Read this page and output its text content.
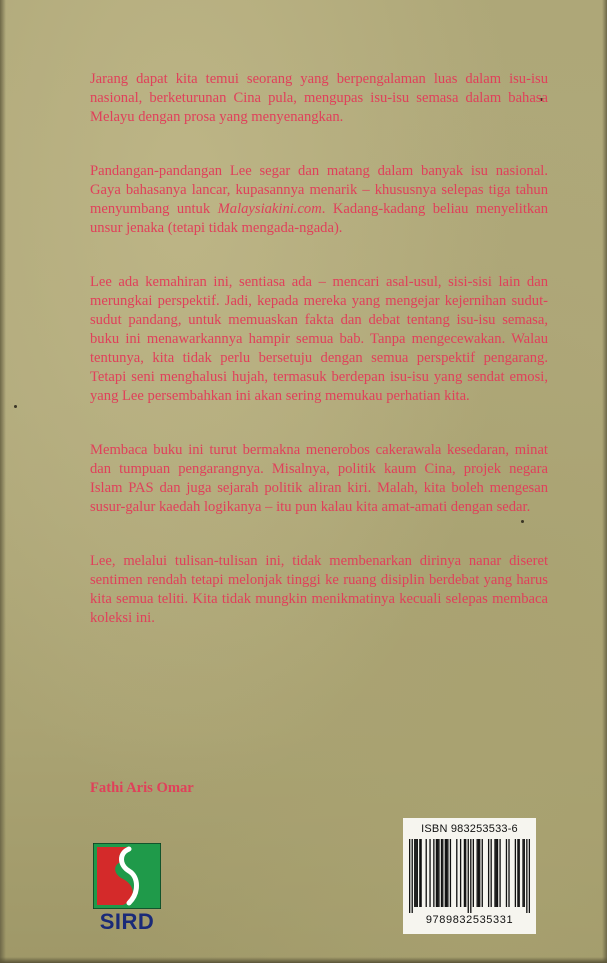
Jarang dapat kita temui seorang yang berpengalaman luas dalam isu-isu nasional, berketurunan Cina pula, mengupas isu-isu semasa dalam bahasa Melayu dengan prosa yang menyenangkan.

Pandangan-pandangan Lee segar dan matang dalam banyak isu nasional. Gaya bahasanya lancar, kupasannya menarik – khususnya selepas tiga tahun menyumbang untuk Malaysiakini.com. Kadang-kadang beliau menyelitkan unsur jenaka (tetapi tidak mengada-ngada).

Lee ada kemahiran ini, sentiasa ada – mencari asal-usul, sisi-sisi lain dan merungkai perspektif. Jadi, kepada mereka yang mengejar kejernihan sudut-sudut pandang, untuk memuaskan fakta dan debat tentang isu-isu semasa, buku ini menawarkannya hampir semua bab. Tanpa mengecewakan. Walau tentunya, kita tidak perlu bersetuju dengan semua perspektif pengarang. Tetapi seni menghalusi hujah, termasuk berdepan isu-isu yang sendat emosi, yang Lee persembahkan ini akan sering memukau perhatian kita.

Membaca buku ini turut bermakna menerobos cakerawala kesedaran, minat dan tumpuan pengarangnya. Misalnya, politik kaum Cina, projek negara Islam PAS dan juga sejarah politik aliran kiri. Malah, kita boleh mengesan susur-galur kaedah logikanya – itu pun kalau kita amat-amati dengan sedar.

Lee, melalui tulisan-tulisan ini, tidak membenarkan dirinya nanar diseret sentimen rendah tetapi melonjak tinggi ke ruang disiplin berdebat yang harus kita semua teliti. Kita tidak mungkin menikmatinya kecuali selepas membaca koleksi ini.

Fathi Aris Omar
SIRD
ISBN 983253533-6
9789832535331
